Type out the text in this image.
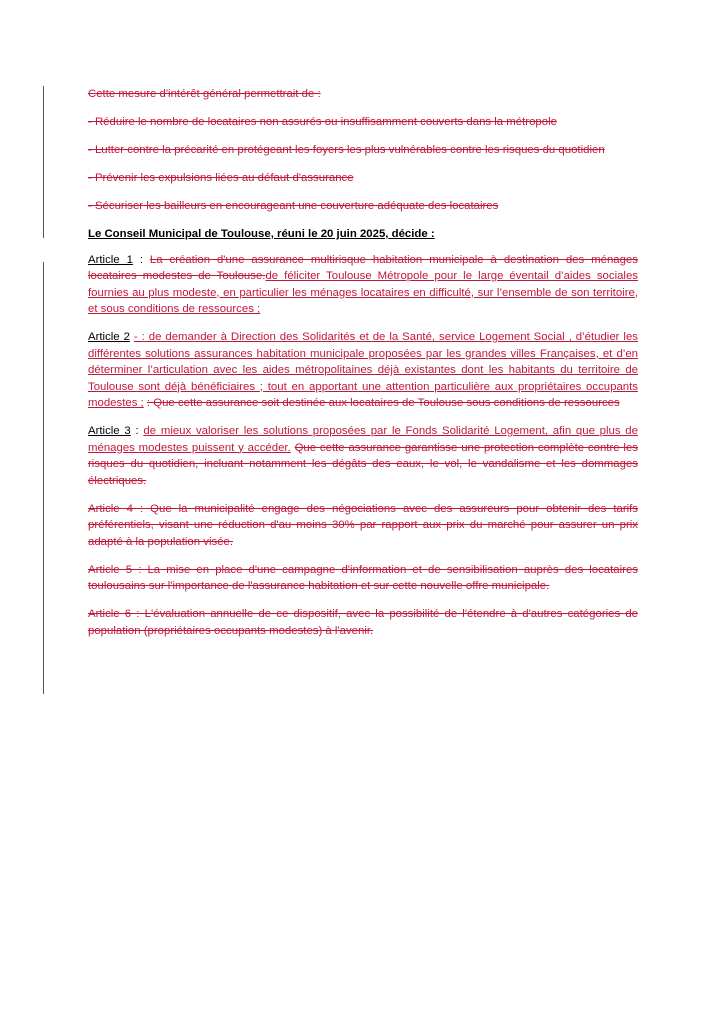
Cette mesure d'intérêt général permettrait de :

- Réduire le nombre de locataires non assurés ou insuffisamment couverts dans la métropole

- Lutter contre la précarité en protégeant les foyers les plus vulnérables contre les risques du quotidien

- Prévenir les expulsions liées au défaut d'assurance

- Sécuriser les bailleurs en encourageant une couverture adéquate des locataires

Le Conseil Municipal de Toulouse, réuni le 20 juin 2025, décide :

Article 1 : La création d'une assurance multirisque habitation municipale à destination des ménages locataires modestes de Toulouse.de féliciter Toulouse Métropole pour le large éventail d’aides sociales fournies au plus modeste, en particulier les ménages locataires en difficulté, sur l’ensemble de son territoire, et sous conditions de ressources ;

Article 2 - : de demander à Direction des Solidarités et de la Santé, service Logement Social , d’étudier les différentes solutions assurances habitation municipale proposées par les grandes villes Françaises, et d’en déterminer l’articulation avec les aides métropolitaines déjà existantes dont les habitants du territoire de Toulouse sont déjà bénéficiaires ; tout en apportant une attention particulière aux propriétaires occupants modestes ; : Que cette assurance soit destinée aux locataires de Toulouse sous conditions de ressources

Article 3 : de mieux valoriser les solutions proposées par le Fonds Solidarité Logement, afin que plus de ménages modestes puissent y accéder. Que cette assurance garantisse une protection complète contre les risques du quotidien, incluant notamment les dégâts des eaux, le vol, le vandalisme et les dommages électriques.

Article 4 : Que la municipalité engage des négociations avec des assureurs pour obtenir des tarifs préférentiels, visant une réduction d'au moins 30% par rapport aux prix du marché pour assurer un prix adapté à la population visée.

Article 5 : La mise en place d'une campagne d'information et de sensibilisation auprès des locataires toulousains sur l'importance de l'assurance habitation et sur cette nouvelle offre municipale.

Article 6 : L'évaluation annuelle de ce dispositif, avec la possibilité de l'étendre à d'autres catégories de population (propriétaires occupants modestes) à l'avenir.
